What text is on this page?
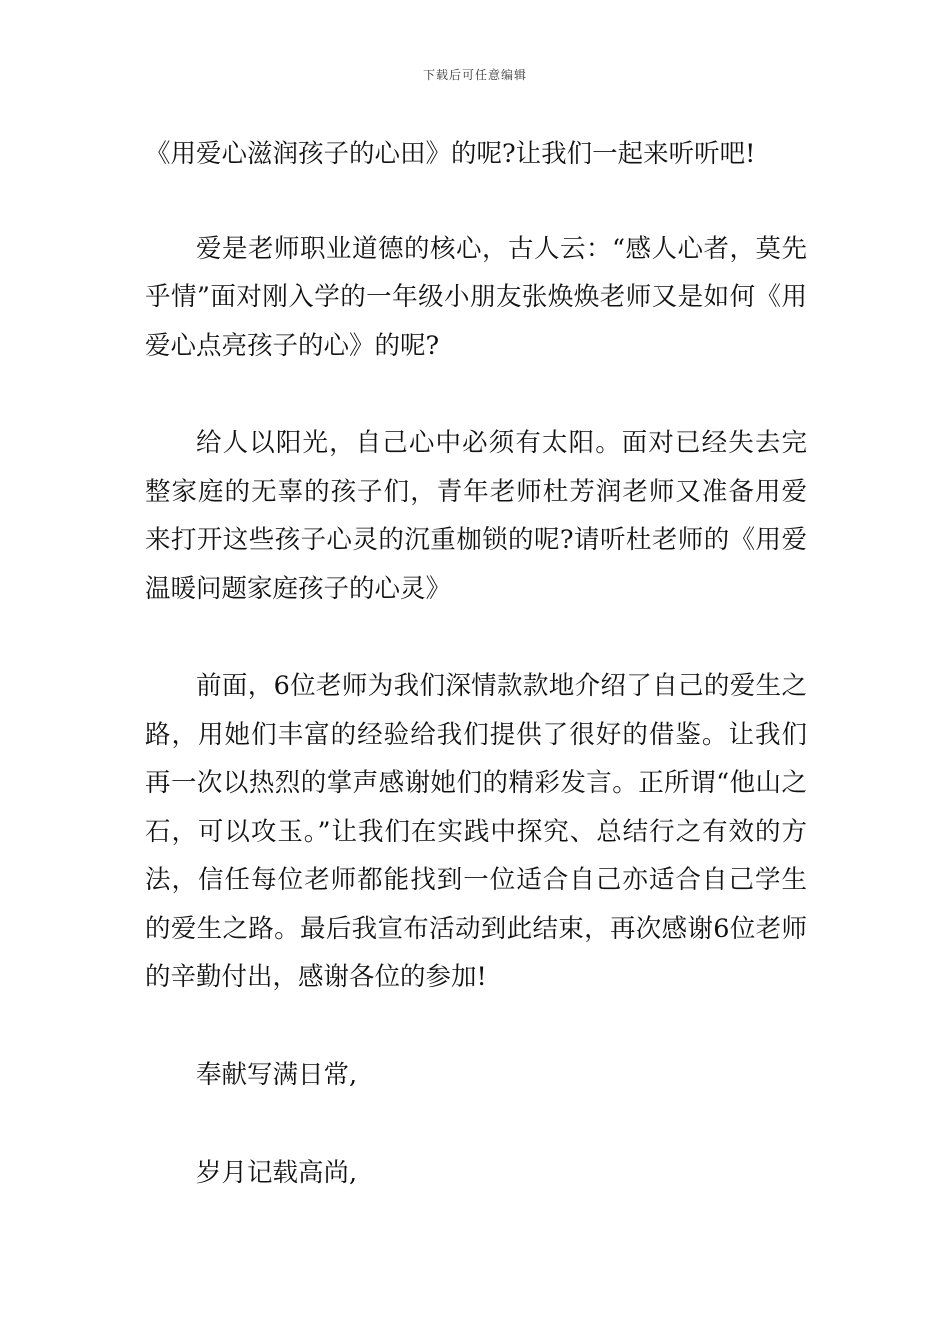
下载后可任意编辑

《用爱心滋润孩子的心田》的呢?让我们一起来听听吧!

爱是老师职业道德的核心，古人云：“感人心者，莫先乎情”面对刚入学的一年级小朋友张焕焕老师又是如何《用爱心点亮孩子的心》的呢?

给人以阳光，自己心中必须有太阳。面对已经失去完整家庭的无辜的孩子们，青年老师杜芳润老师又准备用爱来打开这些孩子心灵的沉重枷锁的呢?请听杜老师的《用爱温暖问题家庭孩子的心灵》

前面，6位老师为我们深情款款地介绍了自己的爱生之路，用她们丰富的经验给我们提供了很好的借鉴。让我们再一次以热烈的掌声感谢她们的精彩发言。正所谓“他山之石，可以攻玉。”让我们在实践中探究、总结行之有效的方法，信任每位老师都能找到一位适合自己亦适合自己学生的爱生之路。最后我宣布活动到此结束，再次感谢6位老师的辛勤付出，感谢各位的参加!

奉献写满日常,

岁月记载高尚,
